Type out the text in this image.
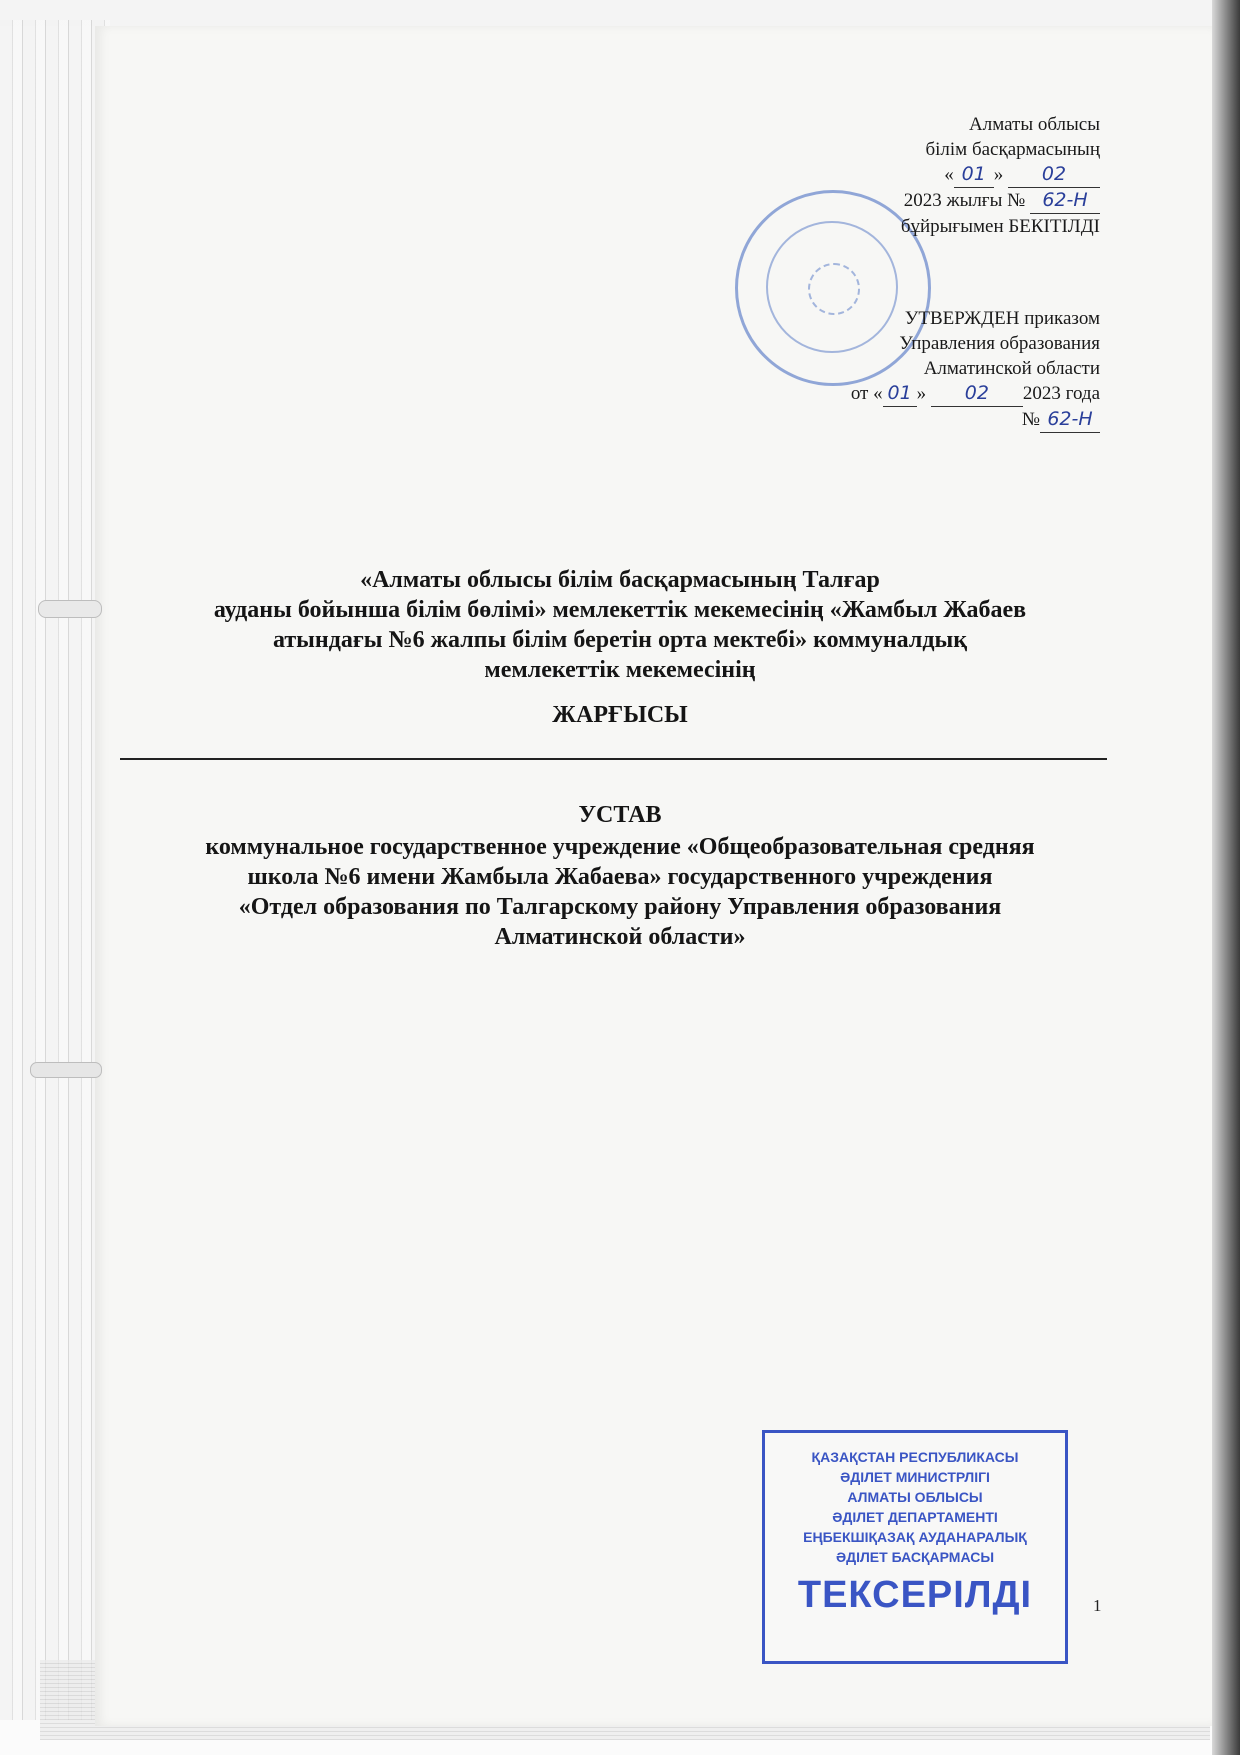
Алматы облысы
білім басқармасының
« 01 » 02
2023 жылғы № 62-Н
бұйрығымен БЕКІТІЛДІ
УТВЕРЖДЕН приказом
Управления образования
Алматинской области
от « 01 » 02 2023 года
№ 62-Н
«Алматы облысы білім басқармасының Талғар
ауданы бойынша білім бөлімі» мемлекеттік мекемесінің «Жамбыл Жабаев
атындағы №6 жалпы білім беретін орта мектебі» коммуналдық
мемлекеттік мекемесінің
ЖАРҒЫСЫ
УСТАВ
коммунальное государственное учреждение «Общеобразовательная средняя
школа №6 имени Жамбыла Жабаева» государственного учреждения
«Отдел образования по Талгарскому району Управления образования
Алматинской области»
ҚАЗАҚСТАН РЕСПУБЛИКАСЫ
ӘДІЛЕТ МИНИСТРЛІГІ
АЛМАТЫ ОБЛЫСЫ
ӘДІЛЕТ ДЕПАРТАМЕНТІ
ЕҢБЕКШІҚАЗАҚ АУДАНАРАЛЫҚ
ӘДІЛЕТ БАСҚАРМАСЫ
ТЕКСЕРІЛДІ	1
